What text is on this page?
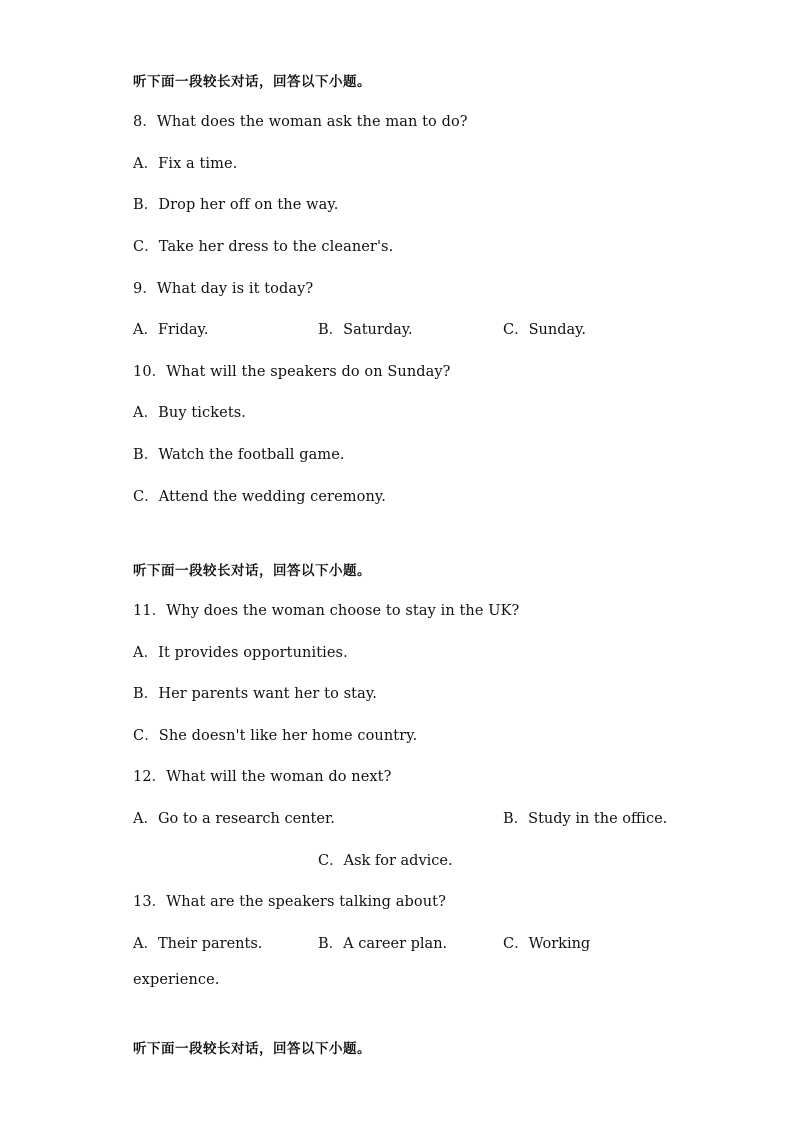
听下面一段较长对话，回答以下小题。
8．What does the woman ask the man to do?
A．Fix a time.
B．Drop her off on the way.
C．Take her dress to the cleaner's.
9．What day is it today?
A．Friday.	B．Saturday.	C．Sunday.
10．What will the speakers do on Sunday?
A．Buy tickets.
B．Watch the football game.
C．Attend the wedding ceremony.
听下面一段较长对话，回答以下小题。
11．Why does the woman choose to stay in the UK?
A．It provides opportunities.
B．Her parents want her to stay.
C．She doesn't like her home country.
12．What will the woman do next?
A．Go to a research center.	B．Study in the office.
C．Ask for advice.
13．What are the speakers talking about?
A．Their parents.	B．A career plan.	C．Working
experience.
听下面一段较长对话，回答以下小题。
